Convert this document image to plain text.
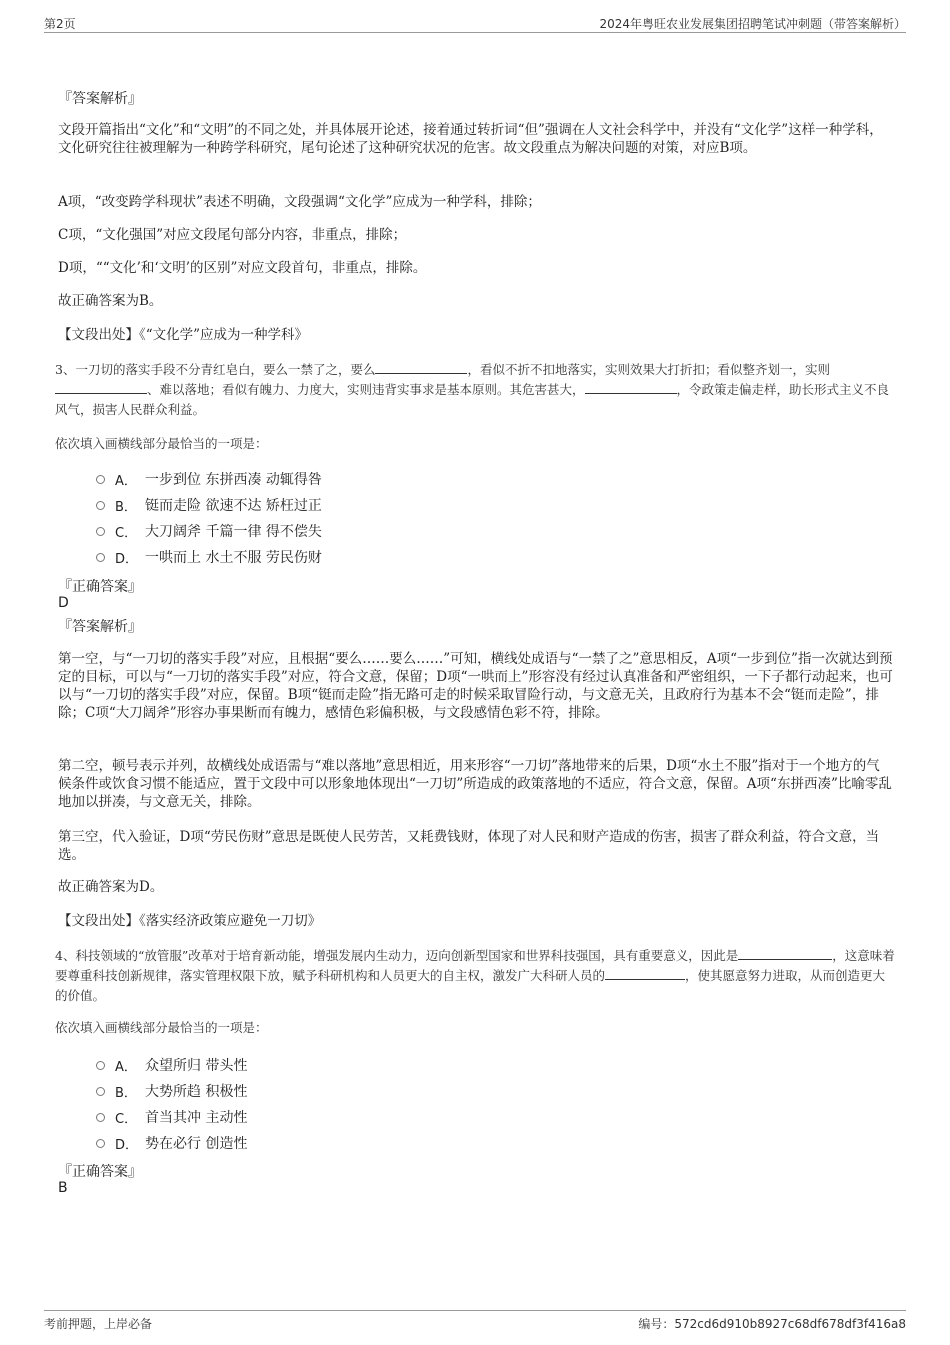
第2页	2024年粤旺农业发展集团招聘笔试冲刺题（带答案解析）
『答案解析』

文段开篇指出“文化”和“文明”的不同之处，并具体展开论述，接着通过转折词“但”强调在人文社会科学中，并没有“文化学”这样一种学科，文化研究往往被理解为一种跨学科研究，尾句论述了这种研究状况的危害。故文段重点为解决问题的对策，对应B项。

A项，“改变跨学科现状”表述不明确，文段强调“文化学”应成为一种学科，排除；

C项，“文化强国”对应文段尾句部分内容，非重点，排除；

D项，““文化’和‘文明’的区别”对应文段首句，非重点，排除。

故正确答案为B。

【文段出处】《“文化学”应成为一种学科》

3、一刀切的落实手段不分青红皂白，要么一禁了之，要么	，看似不折不扣地落实，实则效果大打折扣；看似整齐划一，实则、难以落地；看似有魄力、力度大，实则违背实事求是基本原则。其危害甚大，	，令政策走偏走样，助长形式主义不良风气，损害人民群众利益。

依次填入画横线部分最恰当的一项是：

A． 一步到位 东拼西凑 动辄得咎
B． 铤而走险 欲速不达 矫枉过正
C． 大刀阔斧 千篇一律 得不偿失
D． 一哄而上 水土不服 劳民伤财
『正确答案』
D
『答案解析』

第一空，与“一刀切的落实手段”对应，且根据“要么……要么……”可知，横线处成语与“一禁了之”意思相反，A项“一步到位”指一次就达到预定的目标，可以与“一刀切的落实手段”对应，符合文意，保留；D项“一哄而上”形容没有经过认真准备和严密组织，一下子都行动起来，也可以与“一刀切的落实手段”对应，保留。B项“铤而走险”指无路可走的时候采取冒险行动，与文意无关，且政府行为基本不会“铤而走险”，排除；C项“大刀阔斧”形容办事果断而有魄力，感情色彩偏积极，与文段感情色彩不符，排除。

第二空，顿号表示并列，故横线处成语需与“难以落地”意思相近，用来形容“一刀切”落地带来的后果，D项“水土不服”指对于一个地方的气候条件或饮食习惯不能适应，置于文段中可以形象地体现出“一刀切”所造成的政策落地的不适应，符合文意，保留。A项“东拼西凑”比喻零乱地加以拼凑，与文意无关，排除。

第三空，代入验证，D项“劳民伤财”意思是既使人民劳苦，又耗费钱财，体现了对人民和财产造成的伤害，损害了群众利益，符合文意，当选。

故正确答案为D。

【文段出处】《落实经济政策应避免一刀切》

4、科技领域的“放管服”改革对于培育新动能，增强发展内生动力，迈向创新型国家和世界科技强国，具有重要意义，因此是	，这意味着要尊重科技创新规律，落实管理权限下放，赋予科研机构和人员更大的自主权，激发广大科研人员的	，使其愿意努力进取，从而创造更大的价值。

依次填入画横线部分最恰当的一项是：

A． 众望所归 带头性
B． 大势所趋 积极性
C． 首当其冲 主动性
D． 势在必行 创造性
『正确答案』
B
考前押题，上岸必备	编号：572cd6d910b8927c68df678df3f416a8
